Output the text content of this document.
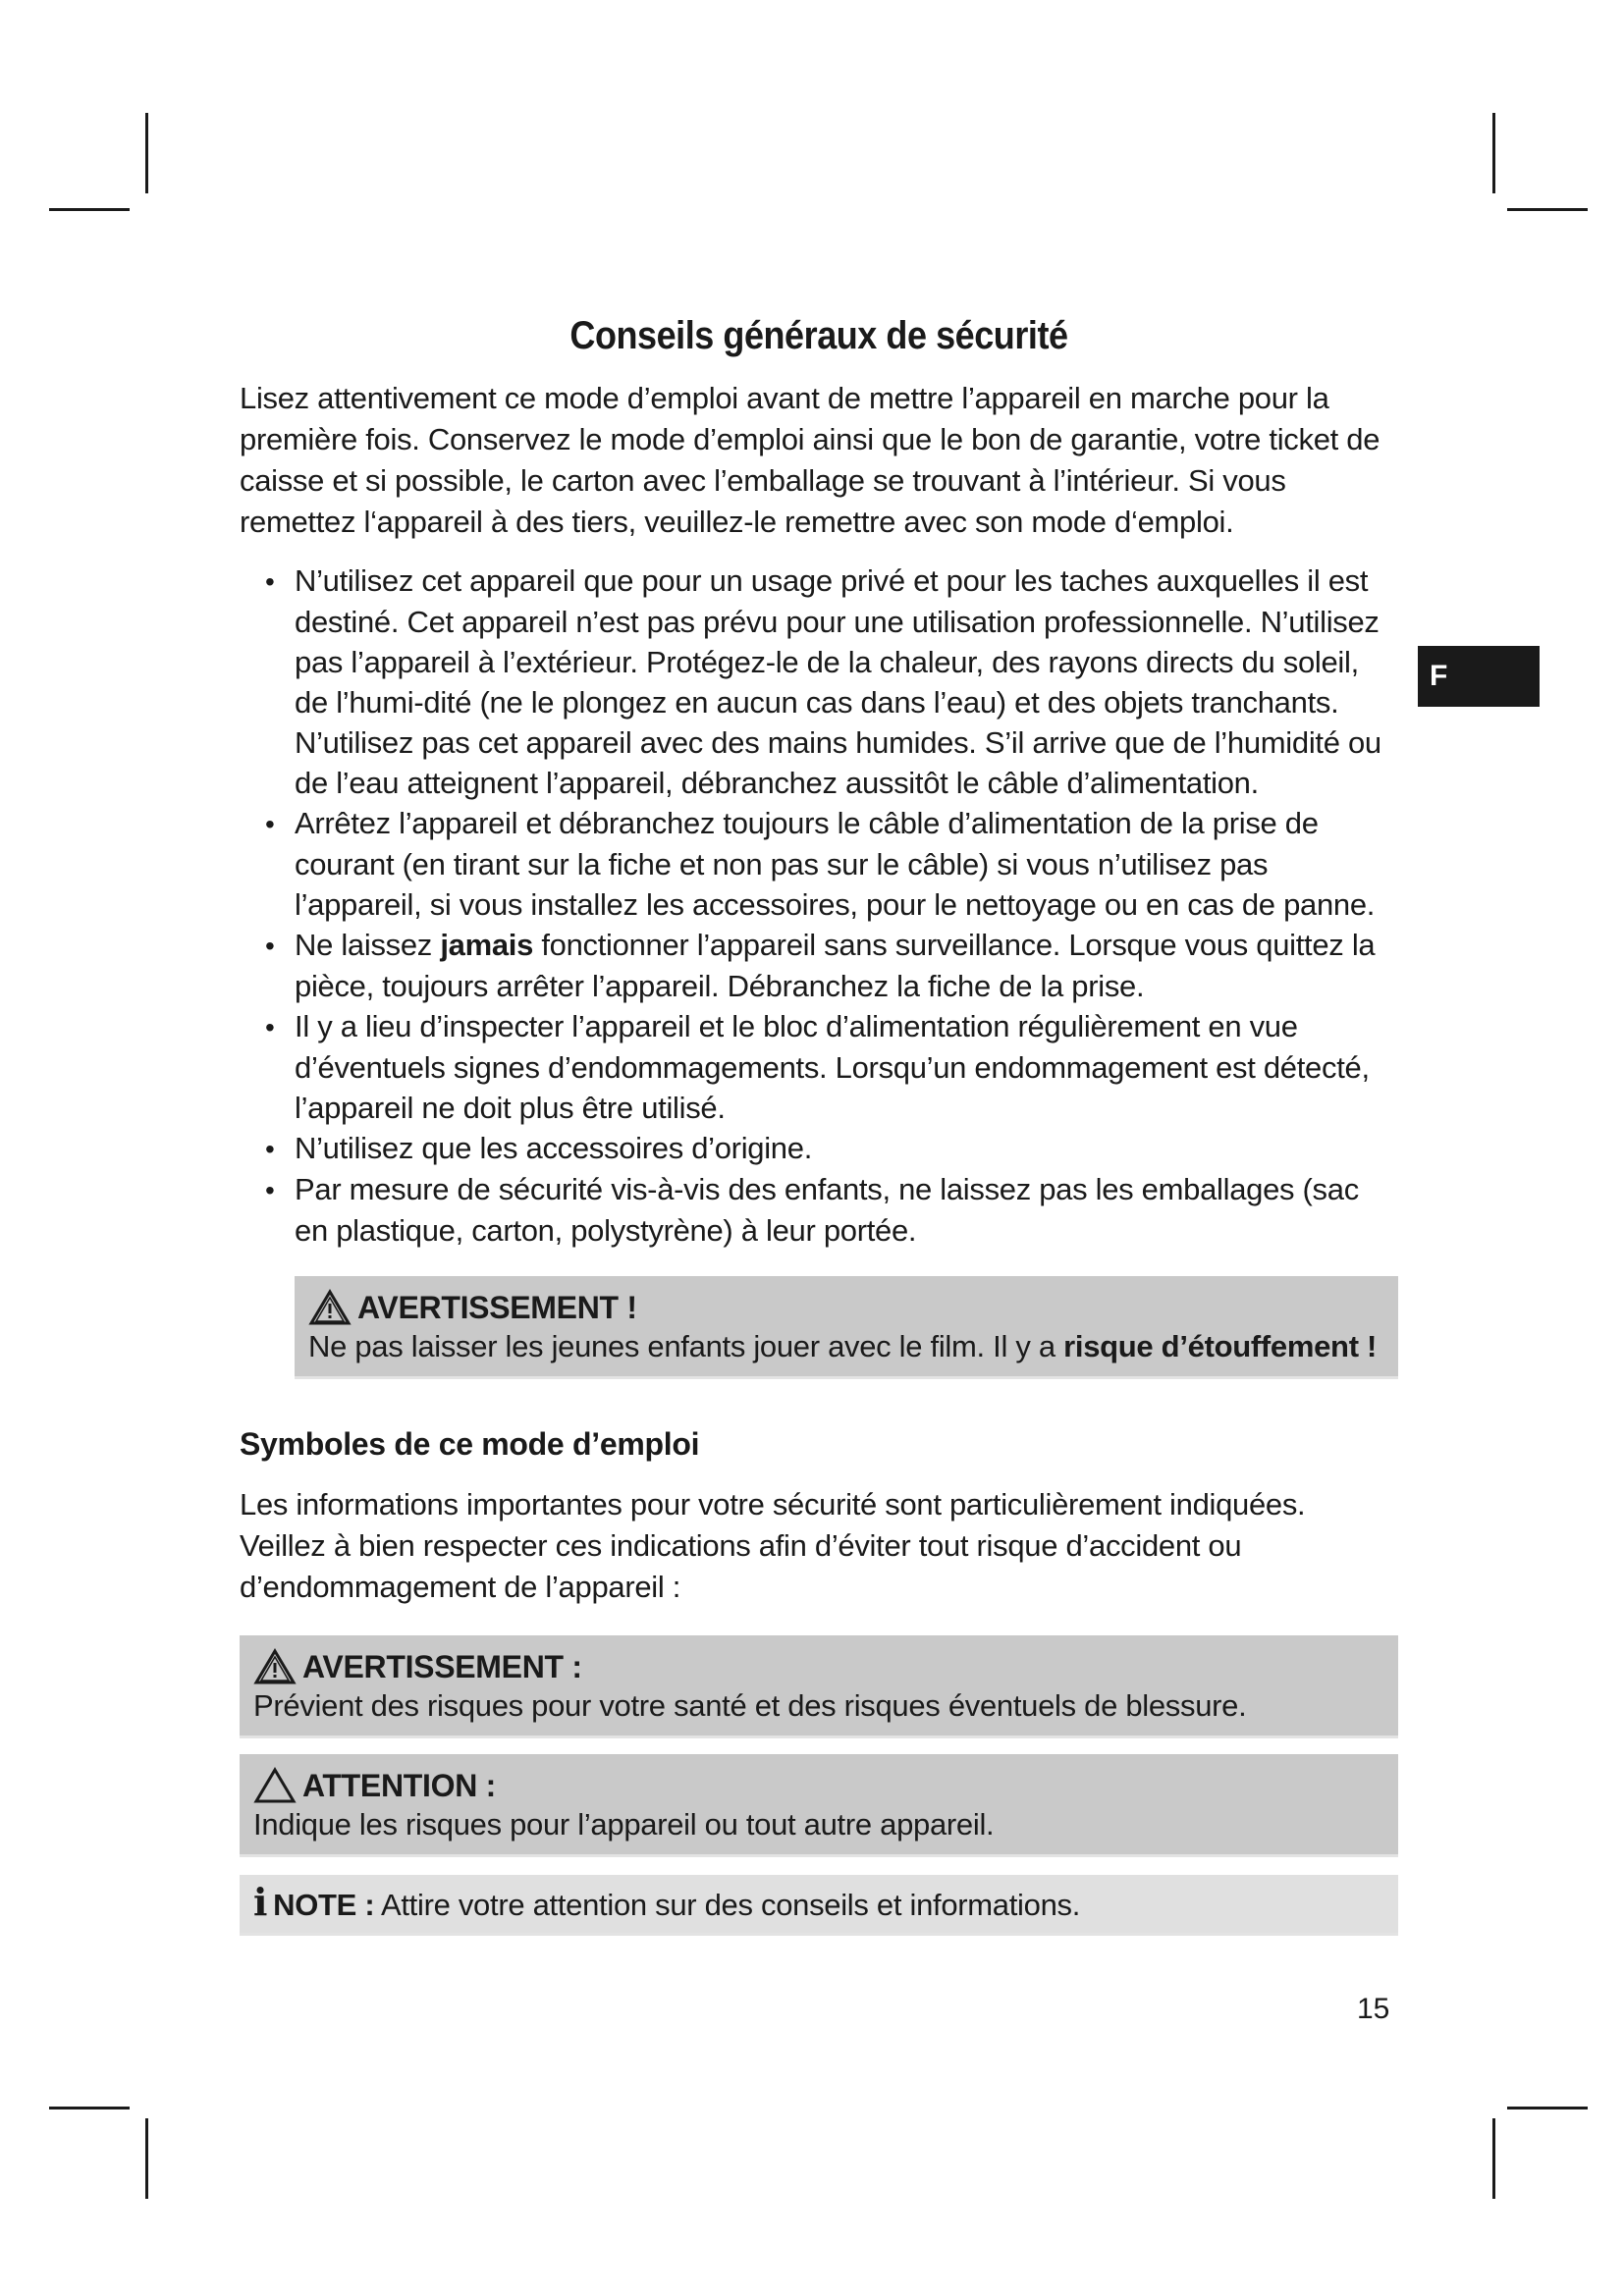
F
Conseils généraux de sécurité

Lisez attentivement ce mode d’emploi avant de mettre l’appareil en marche pour la première fois. Conservez le mode d’emploi ainsi que le bon de garantie, votre ticket de caisse et si possible, le carton avec l’emballage se trouvant à l’intérieur. Si vous remettez l‘appareil à des tiers, veuillez-le remettre avec son mode d‘emploi.

• N’utilisez cet appareil que pour un usage privé et pour les taches auxquelles il est destiné. Cet appareil n’est pas prévu pour une utilisation professionnelle. N’utilisez pas l’appareil à l’extérieur. Protégez-le de la chaleur, des rayons directs du soleil, de l’humi-dité (ne le plongez en aucun cas dans l’eau) et des objets tranchants. N’utilisez pas cet appareil avec des mains humides. S’il arrive que de l’humidité ou de l’eau atteignent l’appareil, débranchez aussitôt le câble d’alimentation.
• Arrêtez l’appareil et débranchez toujours le câble d’alimentation de la prise de courant (en tirant sur la fiche et non pas sur le câble) si vous n’utilisez pas l’appareil, si vous installez les accessoires, pour le nettoyage ou en cas de panne.
• Ne laissez jamais fonctionner l’appareil sans surveillance. Lorsque vous quittez la pièce, toujours arrêter l’appareil. Débranchez la fiche de la prise.
• Il y a lieu d’inspecter l’appareil et le bloc d’alimentation régulièrement en vue d’éventuels signes d’endommagements. Lorsqu’un endommagement est détecté, l’appareil ne doit plus être utilisé.
• N’utilisez que les accessoires d’origine.
• Par mesure de sécurité vis-à-vis des enfants, ne laissez pas les emballages (sac en plastique, carton, polystyrène) à leur portée.
AVERTISSEMENT !
Ne pas laisser les jeunes enfants jouer avec le film. Il y a risque d’étouffement !
Symboles de ce mode d’emploi

Les informations importantes pour votre sécurité sont particulièrement indiquées. Veillez à bien respecter ces indications afin d’éviter tout risque d’accident ou d’endommagement de l’appareil :

AVERTISSEMENT :
Prévient des risques pour votre santé et des risques éventuels de blessure.
ATTENTION :
Indique les risques pour l’appareil ou tout autre appareil.
i NOTE : Attire votre attention sur des conseils et informations.
15
